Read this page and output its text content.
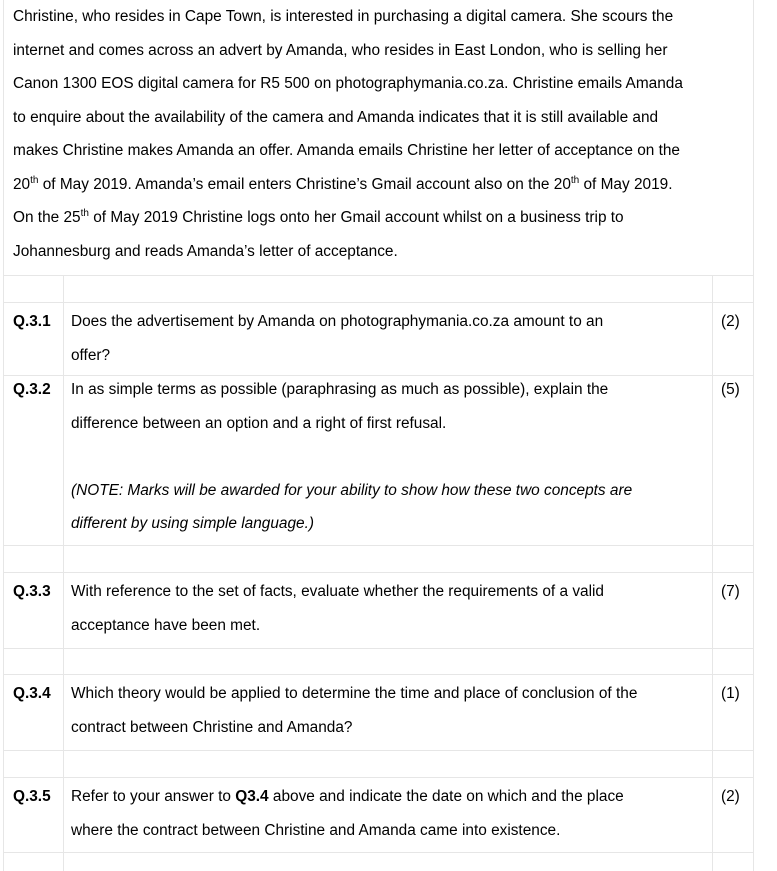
Christine, who resides in Cape Town, is interested in purchasing a digital camera. She scours the
internet and comes across an advert by Amanda, who resides in East London, who is selling her
Canon 1300 EOS digital camera for R5 500 on photographymania.co.za. Christine emails Amanda
to enquire about the availability of the camera and Amanda indicates that it is still available and
makes Christine makes Amanda an offer. Amanda emails Christine her letter of acceptance on the
20th of May 2019. Amanda’s email enters Christine’s Gmail account also on the 20th of May 2019.
On the 25th of May 2019 Christine logs onto her Gmail account whilst on a business trip to
Johannesburg and reads Amanda’s letter of acceptance.
Q.3.1 Does the advertisement by Amanda on photographymania.co.za amount to an
offer?
(2)
Q.3.2 In as simple terms as possible (paraphrasing as much as possible), explain the
difference between an option and a right of first refusal.

(NOTE: Marks will be awarded for your ability to show how these two concepts are
different by using simple language.)
(5)
Q.3.3 With reference to the set of facts, evaluate whether the requirements of a valid
acceptance have been met.
(7)
Q.3.4 Which theory would be applied to determine the time and place of conclusion of the
contract between Christine and Amanda?
(1)
Q.3.5 Refer to your answer to Q3.4 above and indicate the date on which and the place
where the contract between Christine and Amanda came into existence.
(2)
